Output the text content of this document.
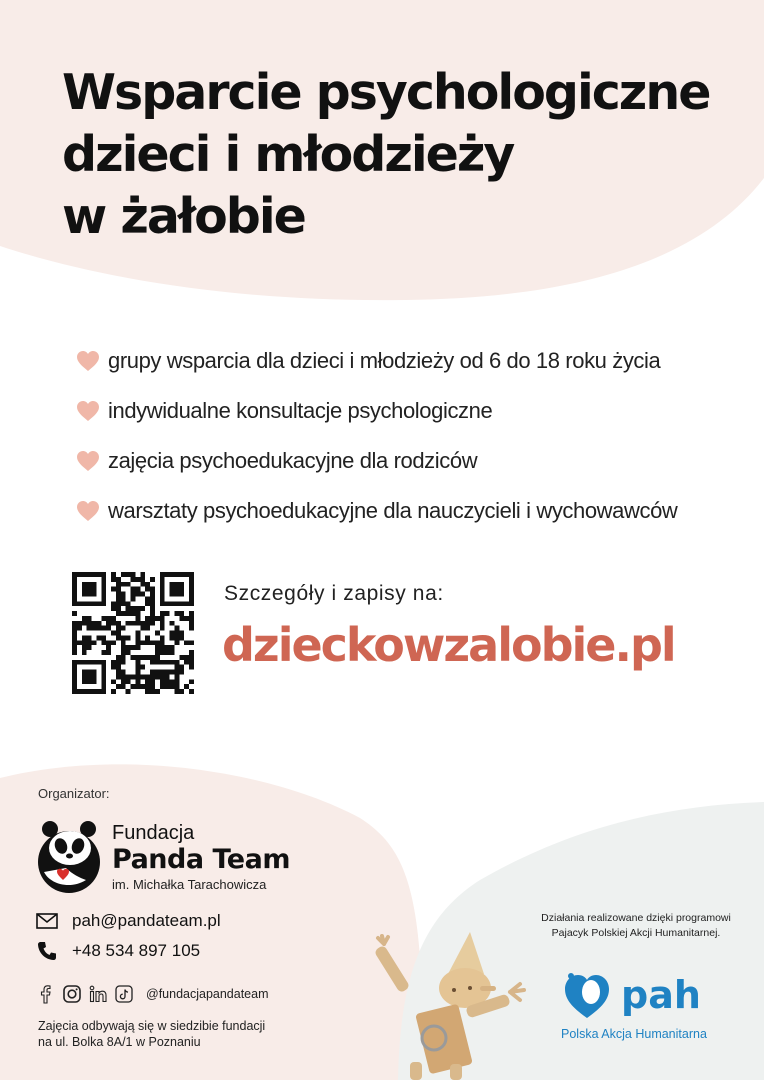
Wsparcie psychologiczne
dzieci i młodzieży
w żałobie
grupy wsparcia dla dzieci i młodzieży od 6 do 18 roku życia
indywidualne konsultacje psychologiczne
zajęcia psychoedukacyjne dla rodziców
warsztaty psychoedukacyjne dla nauczycieli i wychowawców
Szczegóły i zapisy na:
dzieckowzalobie.pl
Organizator:
Fundacja
Panda Team
im. Michałka Tarachowicza
pah@pandateam.pl
+48 534 897 105
@fundacjapandateam
Zajęcia odbywają się w siedzibie fundacji
na ul. Bolka 8A/1 w Poznaniu
Działania realizowane dzięki programowi
Pajacyk Polskiej Akcji Humanitarnej.
pah
Polska Akcja Humanitarna
